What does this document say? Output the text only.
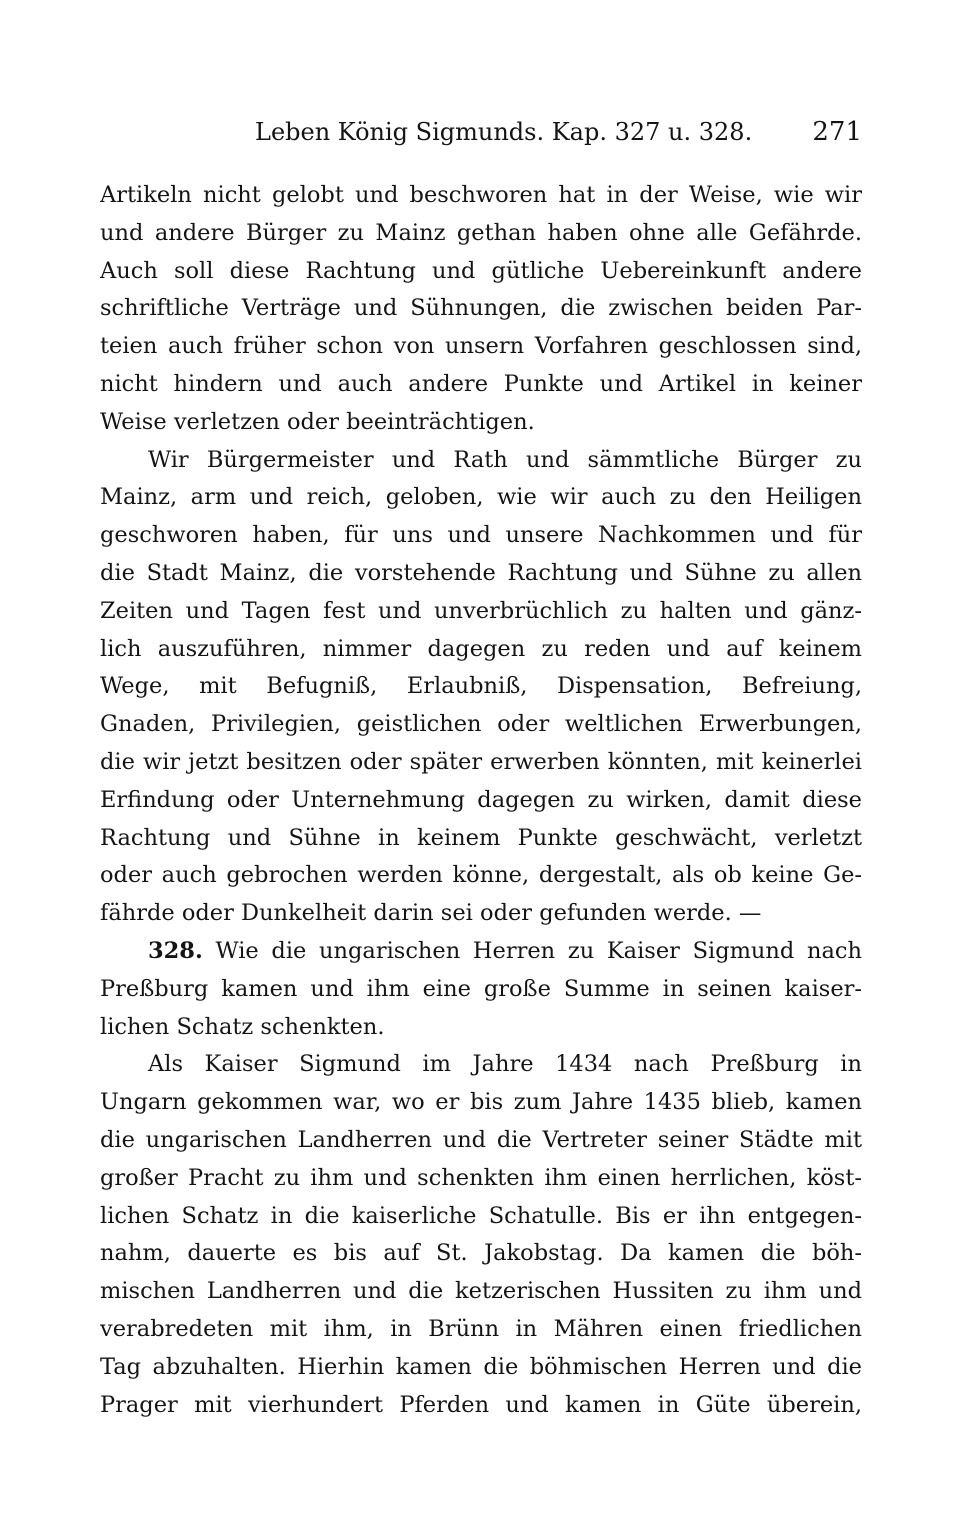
Leben König Sigmunds. Kap. 327 u. 328. 271
Artikeln nicht gelobt und beschworen hat in der Weise, wie wir
und andere Bürger zu Mainz gethan haben ohne alle Gefährde.
Auch soll diese Rachtung und gütliche Uebereinkunft andere
schriftliche Verträge und Sühnungen, die zwischen beiden Par-
teien auch früher schon von unsern Vorfahren geschlossen sind,
nicht hindern und auch andere Punkte und Artikel in keiner
Weise verletzen oder beeinträchtigen.
Wir Bürgermeister und Rath und sämmtliche Bürger zu
Mainz, arm und reich, geloben, wie wir auch zu den Heiligen
geschworen haben, für uns und unsere Nachkommen und für
die Stadt Mainz, die vorstehende Rachtung und Sühne zu allen
Zeiten und Tagen fest und unverbrüchlich zu halten und gänz-
lich auszuführen, nimmer dagegen zu reden und auf keinem
Wege, mit Befugniß, Erlaubniß, Dispensation, Befreiung,
Gnaden, Privilegien, geistlichen oder weltlichen Erwerbungen,
die wir jetzt besitzen oder später erwerben könnten, mit keinerlei
Erfindung oder Unternehmung dagegen zu wirken, damit diese
Rachtung und Sühne in keinem Punkte geschwächt, verletzt
oder auch gebrochen werden könne, dergestalt, als ob keine Ge-
fährde oder Dunkelheit darin sei oder gefunden werde. —
328. Wie die ungarischen Herren zu Kaiser Sigmund nach
Preßburg kamen und ihm eine große Summe in seinen kaiser-
lichen Schatz schenkten.
Als Kaiser Sigmund im Jahre 1434 nach Preßburg in
Ungarn gekommen war, wo er bis zum Jahre 1435 blieb, kamen
die ungarischen Landherren und die Vertreter seiner Städte mit
großer Pracht zu ihm und schenkten ihm einen herrlichen, köst-
lichen Schatz in die kaiserliche Schatulle. Bis er ihn entgegen-
nahm, dauerte es bis auf St. Jakobstag. Da kamen die böh-
mischen Landherren und die ketzerischen Hussiten zu ihm und
verabredeten mit ihm, in Brünn in Mähren einen friedlichen
Tag abzuhalten. Hierhin kamen die böhmischen Herren und die
Prager mit vierhundert Pferden und kamen in Güte überein,
